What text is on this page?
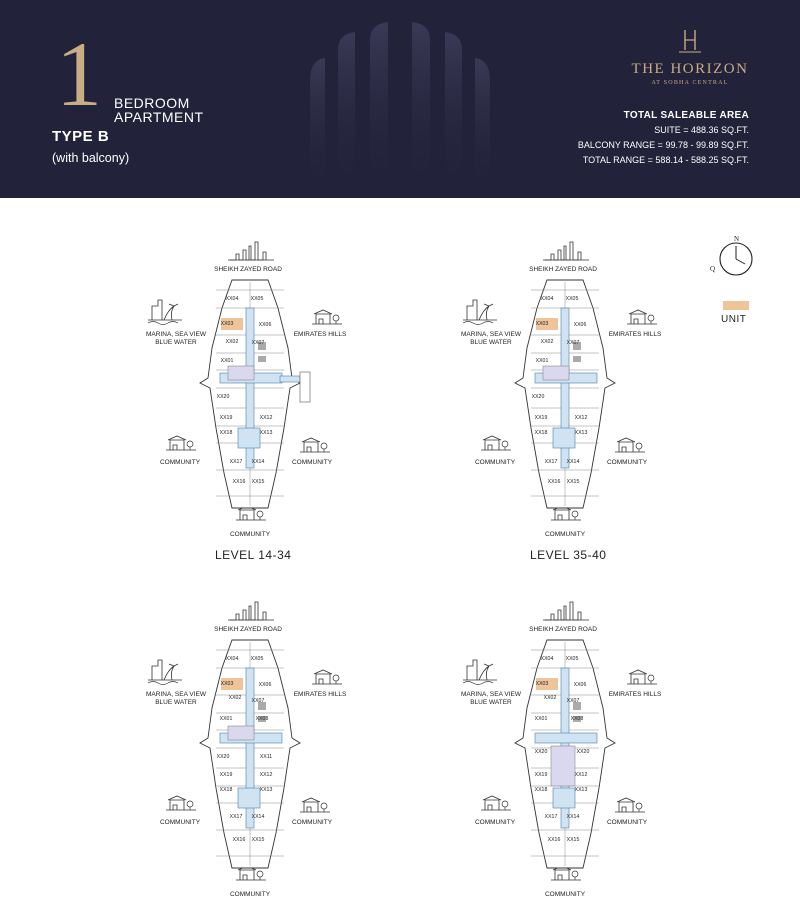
1 BEDROOM
APARTMENT
TYPE B
(with balcony)
THE HORIZON
AT SOBHA CENTRAL
TOTAL SALEABLE AREA
SUITE = 488.36 SQ.FT.
BALCONY RANGE = 99.78 - 99.89 SQ.FT.
TOTAL RANGE = 588.14 - 588.25 SQ.FT.
N
Q
UNIT
SHEIKH ZAYED ROAD
MARINA, SEA VIEW
BLUE WATER
EMIRATES HILLS
COMMUNITY	COMMUNITY
COMMUNITY
XX04 XX05
XX03	XX06
XX02	XX07
XX01
XX20
XX19	XX12
XX18	XX13
XX17 XX14
XX16 XX15
SHEIKH ZAYED ROAD
MARINA, SEA VIEW
BLUE WATER
EMIRATES HILLS
COMMUNITY	COMMUNITY
COMMUNITY
XX04 XX05
XX03	XX06
XX02	XX07
XX01
XX20
XX19	XX12
XX18	XX13
XX17 XX14
XX16 XX15
SHEIKH ZAYED ROAD
MARINA, SEA VIEW
BLUE WATER
EMIRATES HILLS
COMMUNITY	COMMUNITY
COMMUNITY
XX04 XX05
XX03	XX06
XX02 XX07
XX01	XX08
XX20	XX11
XX19	XX12
XX18	XX13
XX17 XX14
XX16 XX15
SHEIKH ZAYED ROAD
MARINA, SEA VIEW
BLUE WATER
EMIRATES HILLS
COMMUNITY	COMMUNITY
COMMUNITY
XX04 XX05
XX03	XX06
XX02 XX07
XX01	XX08
XX20	XX20
XX19	XX12
XX18	XX13
XX17 XX14
XX16 XX15
LEVEL 14-34	LEVEL 35-40
